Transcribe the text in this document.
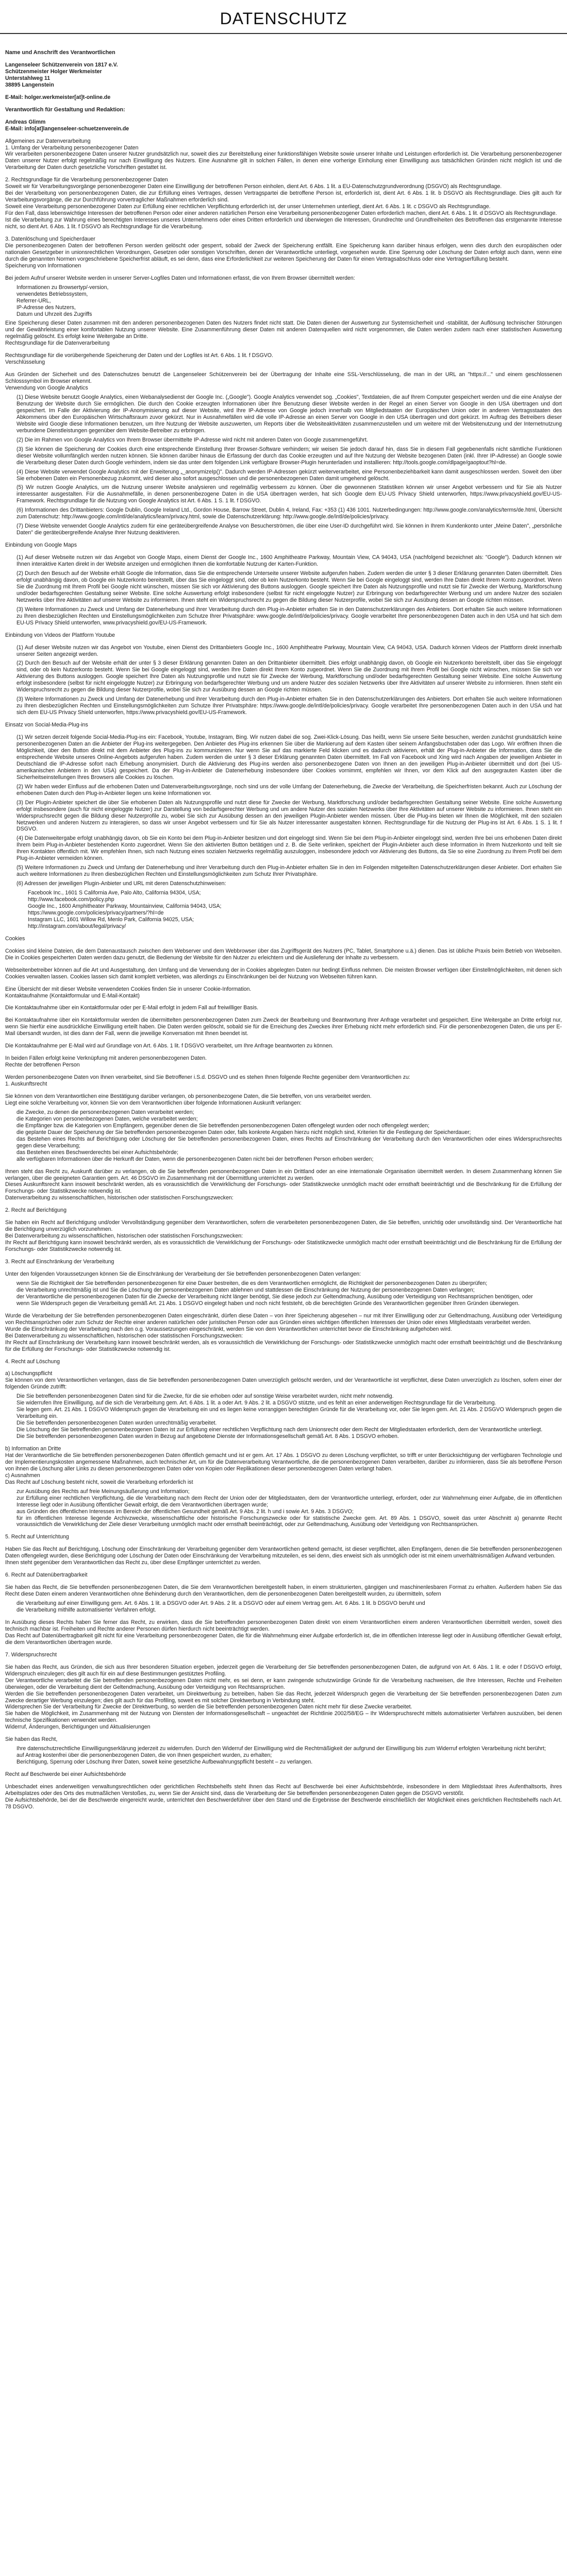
DATENSCHUTZ

Name und Anschrift des Verantwortlichen

Langenseleer Schützenverein von 1817 e.V.

Schützenmeister Holger Werkmeister

Unterstahlweg 11

38895 Langenstein

E-Mail: holger.werkmeister[at]t-online.de

Verantwortlich für Gestaltung und Redaktion:

Andreas Glimm

E-Mail: info[at]langenseleer-schuetzenverein.de

Allgemeines zur Datenverarbeitung

1. Umfang der Verarbeitung personenbezogener Daten

Wir verarbeiten personenbezogene Daten unserer Nutzer grundsätzlich nur, soweit dies zur Bereitstellung einer funktionsfähigen Website sowie unserer Inhalte und Leistungen erforderlich ist. Die Verarbeitung personenbezogener Daten unserer Nutzer erfolgt regelmäßig nur nach Einwilligung des Nutzers. Eine Ausnahme gilt in solchen Fällen, in denen eine vorherige Einholung einer Einwilligung aus tatsächlichen Gründen nicht möglich ist und die Verarbeitung der Daten durch gesetzliche Vorschriften gestattet ist.

2. Rechtsgrundlage für die Verarbeitung personenbezogener Daten

Soweit wir für Verarbeitungsvorgänge personenbezogener Daten eine Einwilligung der betroffenen Person einholen, dient Art. 6 Abs. 1 lit. a EU-Datenschutzgrundverordnung (DSGVO) als Rechtsgrundlage.

Bei der Verarbeitung von personenbezogenen Daten, die zur Erfüllung eines Vertrages, dessen Vertragspartei die betroffene Person ist, erforderlich ist, dient Art. 6 Abs. 1 lit. b DSGVO als Rechtsgrundlage. Dies gilt auch für Verarbeitungsvorgänge, die zur Durchführung vorvertraglicher Maßnahmen erforderlich sind.

Soweit eine Verarbeitung personenbezogener Daten zur Erfüllung einer rechtlichen Verpflichtung erforderlich ist, der unser Unternehmen unterliegt, dient Art. 6 Abs. 1 lit. c DSGVO als Rechtsgrundlage.

Für den Fall, dass lebenswichtige Interessen der betroffenen Person oder einer anderen natürlichen Person eine Verarbeitung personenbezogener Daten erforderlich machen, dient Art. 6 Abs. 1 lit. d DSGVO als Rechtsgrundlage.

Ist die Verarbeitung zur Wahrung eines berechtigten Interesses unseres Unternehmens oder eines Dritten erforderlich und überwiegen die Interessen, Grundrechte und Grundfreiheiten des Betroffenen das erstgenannte Interesse nicht, so dient Art. 6 Abs. 1 lit. f DSGVO als Rechtsgrundlage für die Verarbeitung.

3. Datenlöschung und Speicherdauer

Die personenbezogenen Daten der betroffenen Person werden gelöscht oder gesperrt, sobald der Zweck der Speicherung entfällt. Eine Speicherung kann darüber hinaus erfolgen, wenn dies durch den europäischen oder nationalen Gesetzgeber in unionsrechtlichen Verordnungen, Gesetzen oder sonstigen Vorschriften, denen der Verantwortliche unterliegt, vorgesehen wurde. Eine Sperrung oder Löschung der Daten erfolgt auch dann, wenn eine durch die genannten Normen vorgeschriebene Speicherfrist abläuft, es sei denn, dass eine Erforderlichkeit zur weiteren Speicherung der Daten für einen Vertragsabschluss oder eine Vertragserfüllung besteht.

Speicherung von Informationen

Bei jedem Aufruf unserer Website werden in unserer Server-Logfiles Daten und Informationen erfasst, die von Ihrem Browser übermittelt werden:

Informationen zu Browsertyp/-version,

verwendetes Betriebssystem,

Referrer-URL,

IP-Adresse des Nutzers,

Datum und Uhrzeit des Zugriffs

Eine Speicherung dieser Daten zusammen mit den anderen personenbezogenen Daten des Nutzers findet nicht statt. Die Daten dienen der Auswertung zur Systemsicherheit und -stabilität, der Auflösung technischer Störungen und der Gewährleistung einer komfortablen Nutzung unserer Website. Eine Zusammenführung dieser Daten mit anderen Datenquellen wird nicht vorgenommen, die Daten werden zudem nach einer statistischen Auswertung regelmäßig gelöscht. Es erfolgt keine Weitergabe an Dritte.

Rechtsgrundlage für die Datenverarbeitung

Rechtsgrundlage für die vorübergehende Speicherung der Daten und der Logfiles ist Art. 6 Abs. 1 lit. f DSGVO.

Verschlüsselung

Aus Gründen der Sicherheit und des Datenschutzes benutzt die Langenseleer Schützenverein bei der Übertragung der Inhalte eine SSL-Verschlüsselung, die man in der URL an "https://..." und einem geschlossenen Schlosssymbol im Browser erkennt.

Verwendung von Google Analytics

(1) Diese Website benutzt Google Analytics, einen Webanalysedienst der Google Inc. („Google"). Google Analytics verwendet sog. „Cookies", Textdateien, die auf Ihrem Computer gespeichert werden und die eine Analyse der Benutzung der Website durch Sie ermöglichen. Die durch den Cookie erzeugten Informationen über Ihre Benutzung dieser Website werden in der Regel an einen Server von Google in den USA übertragen und dort gespeichert. Im Falle der Aktivierung der IP-Anonymisierung auf dieser Website, wird Ihre IP-Adresse von Google jedoch innerhalb von Mitgliedstaaten der Europäischen Union oder in anderen Vertragsstaaten des Abkommens über den Europäischen Wirtschaftsraum zuvor gekürzt. Nur in Ausnahmefällen wird die volle IP-Adresse an einen Server von Google in den USA übertragen und dort gekürzt. Im Auftrag des Betreibers dieser Website wird Google diese Informationen benutzen, um Ihre Nutzung der Website auszuwerten, um Reports über die Websiteaktivitäten zusammenzustellen und um weitere mit der Websitenutzung und der Internetnutzung verbundene Dienstleistungen gegenüber dem Website-Betreiber zu erbringen.

(2) Die im Rahmen von Google Analytics von Ihrem Browser übermittelte IP-Adresse wird nicht mit anderen Daten von Google zusammengeführt.

(3) Sie können die Speicherung der Cookies durch eine entsprechende Einstellung Ihrer Browser-Software verhindern; wir weisen Sie jedoch darauf hin, dass Sie in diesem Fall gegebenenfalls nicht sämtliche Funktionen dieser Website vollumfänglich werden nutzen können. Sie können darüber hinaus die Erfassung der durch das Cookie erzeugten und auf Ihre Nutzung der Website bezogenen Daten (inkl. Ihrer IP-Adresse) an Google sowie die Verarbeitung dieser Daten durch Google verhindern, indem sie das unter dem folgenden Link verfügbare Browser-Plugin herunterladen und installieren: http://tools.google.com/dlpage/gaoptout?hl=de.

(4) Diese Website verwendet Google Analytics mit der Erweiterung „_anonymizeIp()". Dadurch werden IP-Adressen gekürzt weiterverarbeitet, eine Personenbeziehbarkeit kann damit ausgeschlossen werden. Soweit den über Sie erhobenen Daten ein Personenbezug zukommt, wird dieser also sofort ausgeschlossen und die personenbezogenen Daten damit umgehend gelöscht.

(5) Wir nutzen Google Analytics, um die Nutzung unserer Website analysieren und regelmäßig verbessern zu können. Über die gewonnenen Statistiken können wir unser Angebot verbessern und für Sie als Nutzer interessanter ausgestalten. Für die Ausnahmefälle, in denen personenbezogene Daten in die USA übertragen werden, hat sich Google dem EU-US Privacy Shield unterworfen, https://www.privacyshield.gov/EU-US-Framework. Rechtsgrundlage für die Nutzung von Google Analytics ist Art. 6 Abs. 1 S. 1 lit. f DSGVO.

(6) Informationen des Drittanbieters: Google Dublin, Google Ireland Ltd., Gordon House, Barrow Street, Dublin 4, Ireland, Fax: +353 (1) 436 1001. Nutzerbedingungen: http://www.google.com/analytics/terms/de.html, Übersicht zum Datenschutz: http://www.google.com/intl/de/analytics/learn/privacy.html, sowie die Datenschutzerklärung: http://www.google.de/intl/de/policies/privacy.

(7) Diese Website verwendet Google Analytics zudem für eine geräteübergreifende Analyse von Besucherströmen, die über eine User-ID durchgeführt wird. Sie können in Ihrem Kundenkonto unter „Meine Daten", „persönliche Daten" die geräteübergreifende Analyse Ihrer Nutzung deaktivieren.

Einbindung von Google Maps

(1) Auf dieser Webseite nutzen wir das Angebot von Google Maps, einem Dienst der Google Inc., 1600 Amphitheatre Parkway, Mountain View, CA 94043, USA (nachfolgend bezeichnet als: "Google"). Dadurch können wir Ihnen interaktive Karten direkt in der Website anzeigen und ermöglichen Ihnen die komfortable Nutzung der Karten-Funktion.

(2) Durch den Besuch auf der Website erhält Google die Information, dass Sie die entsprechende Unterseite unserer Website aufgerufen haben. Zudem werden die unter § 3 dieser Erklärung genannten Daten übermittelt. Dies erfolgt unabhängig davon, ob Google ein Nutzerkonto bereitstellt, über das Sie eingeloggt sind, oder ob kein Nutzerkonto besteht. Wenn Sie bei Google eingeloggt sind, werden Ihre Daten direkt Ihrem Konto zugeordnet. Wenn Sie die Zuordnung mit Ihrem Profil bei Google nicht wünschen, müssen Sie sich vor Aktivierung des Buttons ausloggen. Google speichert Ihre Daten als Nutzungsprofile und nutzt sie für Zwecke der Werbung, Marktforschung und/oder bedarfsgerechten Gestaltung seiner Website. Eine solche Auswertung erfolgt insbesondere (selbst für nicht eingeloggte Nutzer) zur Erbringung von bedarfsgerechter Werbung und um andere Nutzer des sozialen Netzwerks über Ihre Aktivitäten auf unserer Website zu informieren. Ihnen steht ein Widerspruchsrecht zu gegen die Bildung dieser Nutzerprofile, wobei Sie sich zur Ausübung dessen an Google richten müssen.

(3) Weitere Informationen zu Zweck und Umfang der Datenerhebung und ihrer Verarbeitung durch den Plug-in-Anbieter erhalten Sie in den Datenschutzerklärungen des Anbieters. Dort erhalten Sie auch weitere Informationen zu Ihren diesbezüglichen Rechten und Einstellungsmöglichkeiten zum Schutze Ihrer Privatsphäre: www.google.de/intl/de/policies/privacy. Google verarbeitet Ihre personenbezogenen Daten auch in den USA und hat sich dem EU-US Privacy Shield unterworfen, www.privacyshield.gov/EU-US-Framework.

Einbindung von Videos der Plattform Youtube

(1) Auf dieser Website nutzen wir das Angebot von Youtube, einen Dienst des Drittanbieters Google Inc., 1600 Amphitheatre Parkway, Mountain View, CA 94043, USA. Dadurch können Videos der Plattform direkt innerhalb unserer Seiten angezeigt werden.

(2) Durch den Besuch auf der Website erhält der unter § 3 dieser Erklärung genannten Daten an den Drittanbieter übermittelt. Dies erfolgt unabhängig davon, ob Google ein Nutzerkonto bereitstellt, über das Sie eingeloggt sind, oder ob kein Nutzerkonto besteht. Wenn Sie bei Google eingeloggt sind, werden Ihre Daten direkt Ihrem Konto zugeordnet. Wenn Sie die Zuordnung mit Ihrem Profil bei Google nicht wünschen, müssen Sie sich vor Aktivierung des Buttons ausloggen. Google speichert Ihre Daten als Nutzungsprofile und nutzt sie für Zwecke der Werbung, Marktforschung und/oder bedarfsgerechten Gestaltung seiner Website. Eine solche Auswertung erfolgt insbesondere (selbst für nicht eingeloggte Nutzer) zur Erbringung von bedarfsgerechter Werbung und um andere Nutzer des sozialen Netzwerks über Ihre Aktivitäten auf unserer Website zu informieren. Ihnen steht ein Widerspruchsrecht zu gegen die Bildung dieser Nutzerprofile, wobei Sie sich zur Ausübung dessen an Google richten müssen.

(3) Weitere Informationen zu Zweck und Umfang der Datenerhebung und ihrer Verarbeitung durch den Plug-in-Anbieter erhalten Sie in den Datenschutzerklärungen des Anbieters. Dort erhalten Sie auch weitere Informationen zu Ihren diesbezüglichen Rechten und Einstellungsmöglichkeiten zum Schutze Ihrer Privatsphäre: https://www.google.de/intl/de/policies/privacy. Google verarbeitet Ihre personenbezogenen Daten auch in den USA und hat sich dem EU-US Privacy Shield unterworfen, https://www.privacyshield.gov/EU-US-Framework.

Einsatz von Social-Media-Plug-ins

(1) Wir setzen derzeit folgende Social-Media-Plug-ins ein: Facebook, Youtube, Instagram, Bing. Wir nutzen dabei die sog. Zwei-Klick-Lösung. Das heißt, wenn Sie unsere Seite besuchen, werden zunächst grundsätzlich keine personenbezogenen Daten an die Anbieter der Plug-ins weitergegeben. Den Anbieter des Plug-ins erkennen Sie über die Markierung auf dem Kasten über seinem Anfangsbuchstaben oder das Logo. Wir eröffnen Ihnen die Möglichkeit, über den Button direkt mit dem Anbieter des Plug-ins zu kommunizieren. Nur wenn Sie auf das markierte Feld klicken und es dadurch aktivieren, erhält der Plug-in-Anbieter die Information, dass Sie die entsprechende Website unseres Online-Angebots aufgerufen haben. Zudem werden die unter § 3 dieser Erklärung genannten Daten übermittelt. Im Fall von Facebook und Xing wird nach Angaben der jeweiligen Anbieter in Deutschland die IP-Adresse sofort nach Erhebung anonymisiert. Durch die Aktivierung des Plug-ins werden also personenbezogene Daten von Ihnen an den jeweiligen Plug-in-Anbieter übermittelt und dort (bei US-amerikanischen Anbietern in den USA) gespeichert. Da der Plug-in-Anbieter die Datenerhebung insbesondere über Cookies vornimmt, empfehlen wir Ihnen, vor dem Klick auf den ausgegrauten Kasten über die Sicherheitseinstellungen Ihres Browsers alle Cookies zu löschen.

(2) Wir haben weder Einfluss auf die erhobenen Daten und Datenverarbeitungsvorgänge, noch sind uns der volle Umfang der Datenerhebung, die Zwecke der Verarbeitung, die Speicherfristen bekannt. Auch zur Löschung der erhobenen Daten durch den Plug-in-Anbieter liegen uns keine Informationen vor.

(3) Der Plugin-Anbieter speichert die über Sie erhobenen Daten als Nutzungsprofile und nutzt diese für Zwecke der Werbung, Marktforschung und/oder bedarfsgerechten Gestaltung seiner Website. Eine solche Auswertung erfolgt insbesondere (auch für nicht eingeloggte Nutzer) zur Darstellung von bedarfsgerechter Werbung und um andere Nutzer des sozialen Netzwerks über Ihre Aktivitäten auf unserer Website zu informieren. Ihnen steht ein Widerspruchsrecht gegen die Bildung dieser Nutzerprofile zu, wobei Sie sich zur Ausübung dessen an den jeweiligen Plugin-Anbieter wenden müssen. Über die Plug-ins bieten wir Ihnen die Möglichkeit, mit den sozialen Netzwerken und anderen Nutzern zu interagieren, so dass wir unser Angebot verbessern und für Sie als Nutzer interessanter ausgestalten können. Rechtsgrundlage für die Nutzung der Plug-ins ist Art. 6 Abs. 1 S. 1 lit. f DSGVO.

(4) Die Datenweitergabe erfolgt unabhängig davon, ob Sie ein Konto bei dem Plug-in-Anbieter besitzen und dort eingeloggt sind. Wenn Sie bei dem Plug-in-Anbieter eingeloggt sind, werden Ihre bei uns erhobenen Daten direkt Ihrem beim Plug-in-Anbieter bestehenden Konto zugeordnet. Wenn Sie den aktivierten Button betätigen und z. B. die Seite verlinken, speichert der Plugin-Anbieter auch diese Information in Ihrem Nutzerkonto und teilt sie Ihren Kontakten öffentlich mit. Wir empfehlen Ihnen, sich nach Nutzung eines sozialen Netzwerks regelmäßig auszuloggen, insbesondere jedoch vor Aktivierung des Buttons, da Sie so eine Zuordnung zu Ihrem Profil bei dem Plug-in-Anbieter vermeiden können.

(5) Weitere Informationen zu Zweck und Umfang der Datenerhebung und ihrer Verarbeitung durch den Plug-in-Anbieter erhalten Sie in den im Folgenden mitgeteilten Datenschutzerklärungen dieser Anbieter. Dort erhalten Sie auch weitere Informationen zu Ihren diesbezüglichen Rechten und Einstellungsmöglichkeiten zum Schutz Ihrer Privatsphäre.

(6) Adressen der jeweiligen Plugin-Anbieter und URL mit deren Datenschutzhinweisen:

Facebook Inc., 1601 S California Ave, Palo Alto, California 94304, USA;

http://www.facebook.com/policy.php

Google Inc., 1600 Amphitheater Parkway, Mountainview, California 94043, USA;

https://www.google.com/policies/privacy/partners/?hl=de

Instagram LLC, 1601 Willow Rd, Menlo Park, California 94025, USA;

http://instagram.com/about/legal/privacy/

Cookies

Cookies sind kleine Dateien, die dem Datenaustausch zwischen dem Webserver und dem Webbrowser über das Zugriffsgerät des Nutzers (PC, Tablet, Smartphone u.ä.) dienen. Das ist übliche Praxis beim Betrieb von Webseiten. Die in Cookies gespeicherten Daten werden dazu genutzt, die Bedienung der Website für den Nutzer zu erleichtern und die Auslieferung der Inhalte zu verbessern.

Webseitenbetreiber können auf die Art und Ausgestaltung, den Umfang und die Verwendung der in Cookies abgelegten Daten nur bedingt Einfluss nehmen. Die meisten Browser verfügen über Einstellmöglichkeiten, mit denen sich Cookies verwalten lassen. Cookies lassen sich damit komplett verbieten, was allerdings zu Einschränkungen bei der Nutzung von Webseiten führen kann.

Eine Übersicht der mit dieser Website verwendeten Cookies finden Sie in unserer Cookie-Information.

Kontaktaufnahme (Kontaktformular und E-Mail-Kontakt)

Die Kontaktaufnahme über ein Kontaktformular oder per E-Mail erfolgt in jedem Fall auf freiwilliger Basis.

Bei Kontaktaufnahme über ein Kontaktformular werden die übermittelten personenbezogenen Daten zum Zweck der Bearbeitung und Beantwortung Ihrer Anfrage verarbeitet und gespeichert. Eine Weitergabe an Dritte erfolgt nur, wenn Sie hierfür eine ausdrückliche Einwilligung erteilt haben. Die Daten werden gelöscht, sobald sie für die Erreichung des Zweckes ihrer Erhebung nicht mehr erforderlich sind. Für die personenbezogenen Daten, die uns per E-Mail übersandt wurden, ist dies dann der Fall, wenn die jeweilige Konversation mit Ihnen beendet ist.

Die Kontaktaufnahme per E-Mail wird auf Grundlage von Art. 6 Abs. 1 lit. f DSGVO verarbeitet, um Ihre Anfrage beantworten zu können.

In beiden Fällen erfolgt keine Verknüpfung mit anderen personenbezogenen Daten.

Rechte der betroffenen Person

Werden personenbezogene Daten von Ihnen verarbeitet, sind Sie Betroffener i.S.d. DSGVO und es stehen Ihnen folgende Rechte gegenüber dem Verantwortlichen zu:

1. Auskunftsrecht

Sie können von dem Verantwortlichen eine Bestätigung darüber verlangen, ob personenbezogene Daten, die Sie betreffen, von uns verarbeitet werden.

Liegt eine solche Verarbeitung vor, können Sie von dem Verantwortlichen über folgende Informationen Auskunft verlangen:

die Zwecke, zu denen die personenbezogenen Daten verarbeitet werden;

die Kategorien von personenbezogenen Daten, welche verarbeitet werden;

die Empfänger bzw. die Kategorien von Empfängern, gegenüber denen die Sie betreffenden personenbezogenen Daten offengelegt wurden oder noch offengelegt werden;

die geplante Dauer der Speicherung der Sie betreffenden personenbezogenen Daten oder, falls konkrete Angaben hierzu nicht möglich sind, Kriterien für die Festlegung der Speicherdauer;

das Bestehen eines Rechts auf Berichtigung oder Löschung der Sie betreffenden personenbezogenen Daten, eines Rechts auf Einschränkung der Verarbeitung durch den Verantwortlichen oder eines Widerspruchsrechts gegen diese Verarbeitung;

das Bestehen eines Beschwerderechts bei einer Aufsichtsbehörde;

alle verfügbaren Informationen über die Herkunft der Daten, wenn die personenbezogenen Daten nicht bei der betroffenen Person erhoben werden;

Ihnen steht das Recht zu, Auskunft darüber zu verlangen, ob die Sie betreffenden personenbezogenen Daten in ein Drittland oder an eine internationale Organisation übermittelt werden. In diesem Zusammenhang können Sie verlangen, über die geeigneten Garantien gem. Art. 46 DSGVO im Zusammenhang mit der Übermittlung unterrichtet zu werden.

Dieses Auskunftsrecht kann insoweit beschränkt werden, als es voraussichtlich die Verwirklichung der Forschungs- oder Statistikzwecke unmöglich macht oder ernsthaft beeinträchtigt und die Beschränkung für die Erfüllung der Forschungs- oder Statistikzwecke notwendig ist.

Datenverarbeitung zu wissenschaftlichen, historischen oder statistischen Forschungszwecken:

2. Recht auf Berichtigung

Sie haben ein Recht auf Berichtigung und/oder Vervollständigung gegenüber dem Verantwortlichen, sofern die verarbeiteten personenbezogenen Daten, die Sie betreffen, unrichtig oder unvollständig sind. Der Verantwortliche hat die Berichtigung unverzüglich vorzunehmen.

Bei Datenverarbeitung zu wissenschaftlichen, historischen oder statistischen Forschungszwecken:

Ihr Recht auf Berichtigung kann insoweit beschränkt werden, als es voraussichtlich die Verwirklichung der Forschungs- oder Statistikzwecke unmöglich macht oder ernsthaft beeinträchtigt und die Beschränkung für die Erfüllung der Forschungs- oder Statistikzwecke notwendig ist.

3. Recht auf Einschränkung der Verarbeitung

Unter den folgenden Voraussetzungen können Sie die Einschränkung der Verarbeitung der Sie betreffenden personenbezogenen Daten verlangen:

wenn Sie die Richtigkeit der Sie betreffenden personenbezogenen für eine Dauer bestreiten, die es dem Verantwortlichen ermöglicht, die Richtigkeit der personenbezogenen Daten zu überprüfen;

die Verarbeitung unrechtmäßig ist und Sie die Löschung der personenbezogenen Daten ablehnen und stattdessen die Einschränkung der Nutzung der personenbezogenen Daten verlangen;

der Verantwortliche die personenbezogenen Daten für die Zwecke der Verarbeitung nicht länger benötigt, Sie diese jedoch zur Geltendmachung, Ausübung oder Verteidigung von Rechtsansprüchen benötigen, oder

wenn Sie Widerspruch gegen die Verarbeitung gemäß Art. 21 Abs. 1 DSGVO eingelegt haben und noch nicht feststeht, ob die berechtigten Gründe des Verantwortlichen gegenüber Ihren Gründen überwiegen.

Wurde die Verarbeitung der Sie betreffenden personenbezogenen Daten eingeschränkt, dürfen diese Daten – von ihrer Speicherung abgesehen – nur mit Ihrer Einwilligung oder zur Geltendmachung, Ausübung oder Verteidigung von Rechtsansprüchen oder zum Schutz der Rechte einer anderen natürlichen oder juristischen Person oder aus Gründen eines wichtigen öffentlichen Interesses der Union oder eines Mitgliedstaats verarbeitet werden.

Wurde die Einschränkung der Verarbeitung nach den o.g. Voraussetzungen eingeschränkt, werden Sie von dem Verantwortlichen unterrichtet bevor die Einschränkung aufgehoben wird.

Bei Datenverarbeitung zu wissenschaftlichen, historischen oder statistischen Forschungszwecken:

Ihr Recht auf Einschränkung der Verarbeitung kann insoweit beschränkt werden, als es voraussichtlich die Verwirklichung der Forschungs- oder Statistikzwecke unmöglich macht oder ernsthaft beeinträchtigt und die Beschränkung für die Erfüllung der Forschungs- oder Statistikzwecke notwendig ist.

4. Recht auf Löschung

a) Löschungspflicht

Sie können von dem Verantwortlichen verlangen, dass die Sie betreffenden personenbezogenen Daten unverzüglich gelöscht werden, und der Verantwortliche ist verpflichtet, diese Daten unverzüglich zu löschen, sofern einer der folgenden Gründe zutrifft:

Die Sie betreffenden personenbezogenen Daten sind für die Zwecke, für die sie erhoben oder auf sonstige Weise verarbeitet wurden, nicht mehr notwendig.

Sie widerrufen Ihre Einwilligung, auf die sich die Verarbeitung gem. Art. 6 Abs. 1 lit. a oder Art. 9 Abs. 2 lit. a DSGVO stützte, und es fehlt an einer anderweitigen Rechtsgrundlage für die Verarbeitung.

Sie legen gem. Art. 21 Abs. 1 DSGVO Widerspruch gegen die Verarbeitung ein und es liegen keine vorrangigen berechtigten Gründe für die Verarbeitung vor, oder Sie legen gem. Art. 21 Abs. 2 DSGVO Widerspruch gegen die Verarbeitung ein.

Die Sie betreffenden personenbezogenen Daten wurden unrechtmäßig verarbeitet.

Die Löschung der Sie betreffenden personenbezogenen Daten ist zur Erfüllung einer rechtlichen Verpflichtung nach dem Unionsrecht oder dem Recht der Mitgliedstaaten erforderlich, dem der Verantwortliche unterliegt.

Die Sie betreffenden personenbezogenen Daten wurden in Bezug auf angebotene Dienste der Informationsgesellschaft gemäß Art. 8 Abs. 1 DSGVO erhoben.

b) Information an Dritte

Hat der Verantwortliche die Sie betreffenden personenbezogenen Daten öffentlich gemacht und ist er gem. Art. 17 Abs. 1 DSGVO zu deren Löschung verpflichtet, so trifft er unter Berücksichtigung der verfügbaren Technologie und der Implementierungskosten angemessene Maßnahmen, auch technischer Art, um für die Datenverarbeitung Verantwortliche, die die personenbezogenen Daten verarbeiten, darüber zu informieren, dass Sie als betroffene Person von ihnen die Löschung aller Links zu diesen personenbezogenen Daten oder von Kopien oder Replikationen dieser personenbezogenen Daten verlangt haben.

c) Ausnahmen

Das Recht auf Löschung besteht nicht, soweit die Verarbeitung erforderlich ist

zur Ausübung des Rechts auf freie Meinungsäußerung und Information;

zur Erfüllung einer rechtlichen Verpflichtung, die die Verarbeitung nach dem Recht der Union oder der Mitgliedstaaten, dem der Verantwortliche unterliegt, erfordert, oder zur Wahrnehmung einer Aufgabe, die im öffentlichen Interesse liegt oder in Ausübung öffentlicher Gewalt erfolgt, die dem Verantwortlichen übertragen wurde;

aus Gründen des öffentlichen Interesses im Bereich der öffentlichen Gesundheit gemäß Art. 9 Abs. 2 lit. h und i sowie Art. 9 Abs. 3 DSGVO;

für im öffentlichen Interesse liegende Archivzwecke, wissenschaftliche oder historische Forschungszwecke oder für statistische Zwecke gem. Art. 89 Abs. 1 DSGVO, soweit das unter Abschnitt a) genannte Recht voraussichtlich die Verwirklichung der Ziele dieser Verarbeitung unmöglich macht oder ernsthaft beeinträchtigt, oder zur Geltendmachung, Ausübung oder Verteidigung von Rechtsansprüchen.

5. Recht auf Unterrichtung

Haben Sie das Recht auf Berichtigung, Löschung oder Einschränkung der Verarbeitung gegenüber dem Verantwortlichen geltend gemacht, ist dieser verpflichtet, allen Empfängern, denen die Sie betreffenden personenbezogenen Daten offengelegt wurden, diese Berichtigung oder Löschung der Daten oder Einschränkung der Verarbeitung mitzuteilen, es sei denn, dies erweist sich als unmöglich oder ist mit einem unverhältnismäßigen Aufwand verbunden.

Ihnen steht gegenüber dem Verantwortlichen das Recht zu, über diese Empfänger unterrichtet zu werden.

6. Recht auf Datenübertragbarkeit

Sie haben das Recht, die Sie betreffenden personenbezogenen Daten, die Sie dem Verantwortlichen bereitgestellt haben, in einem strukturierten, gängigen und maschinenlesbaren Format zu erhalten. Außerdem haben Sie das Recht diese Daten einem anderen Verantwortlichen ohne Behinderung durch den Verantwortlichen, dem die personenbezogenen Daten bereitgestellt wurden, zu übermitteln, sofern

die Verarbeitung auf einer Einwilligung gem. Art. 6 Abs. 1 lit. a DSGVO oder Art. 9 Abs. 2 lit. a DSGVO oder auf einem Vertrag gem. Art. 6 Abs. 1 lit. b DSGVO beruht und

die Verarbeitung mithilfe automatisierter Verfahren erfolgt.

In Ausübung dieses Rechts haben Sie ferner das Recht, zu erwirken, dass die Sie betreffenden personenbezogenen Daten direkt von einem Verantwortlichen einem anderen Verantwortlichen übermittelt werden, soweit dies technisch machbar ist. Freiheiten und Rechte anderer Personen dürfen hierdurch nicht beeinträchtigt werden.

Das Recht auf Datenübertragbarkeit gilt nicht für eine Verarbeitung personenbezogener Daten, die für die Wahrnehmung einer Aufgabe erforderlich ist, die im öffentlichen Interesse liegt oder in Ausübung öffentlicher Gewalt erfolgt, die dem Verantwortlichen übertragen wurde.

7. Widerspruchsrecht

Sie haben das Recht, aus Gründen, die sich aus Ihrer besonderen Situation ergeben, jederzeit gegen die Verarbeitung der Sie betreffenden personenbezogenen Daten, die aufgrund von Art. 6 Abs. 1 lit. e oder f DSGVO erfolgt, Widerspruch einzulegen; dies gilt auch für ein auf diese Bestimmungen gestütztes Profiling.

Der Verantwortliche verarbeitet die Sie betreffenden personenbezogenen Daten nicht mehr, es sei denn, er kann zwingende schutzwürdige Gründe für die Verarbeitung nachweisen, die Ihre Interessen, Rechte und Freiheiten überwiegen, oder die Verarbeitung dient der Geltendmachung, Ausübung oder Verteidigung von Rechtsansprüchen.

Werden die Sie betreffenden personenbezogenen Daten verarbeitet, um Direktwerbung zu betreiben, haben Sie das Recht, jederzeit Widerspruch gegen die Verarbeitung der Sie betreffenden personenbezogenen Daten zum Zwecke derartiger Werbung einzulegen; dies gilt auch für das Profiling, soweit es mit solcher Direktwerbung in Verbindung steht.

Widersprechen Sie der Verarbeitung für Zwecke der Direktwerbung, so werden die Sie betreffenden personenbezogenen Daten nicht mehr für diese Zwecke verarbeitet.

Sie haben die Möglichkeit, im Zusammenhang mit der Nutzung von Diensten der Informationsgesellschaft – ungeachtet der Richtlinie 2002/58/EG – Ihr Widerspruchsrecht mittels automatisierter Verfahren auszuüben, bei denen technische Spezifikationen verwendet werden.

Widerruf, Änderungen, Berichtigungen und Aktualisierungen

Sie haben das Recht,

Ihre datenschutzrechtliche Einwilligungserklärung jederzeit zu widerrufen. Durch den Widerruf der Einwilligung wird die Rechtmäßigkeit der aufgrund der Einwilligung bis zum Widerruf erfolgten Verarbeitung nicht berührt;

auf Antrag kostenfrei über die personenbezogenen Daten, die von Ihnen gespeichert wurden, zu erhalten;

Berichtigung, Sperrung oder Löschung Ihrer Daten, soweit keine gesetzliche Aufbewahrungspflicht besteht – zu verlangen.

Recht auf Beschwerde bei einer Aufsichtsbehörde

Unbeschadet eines anderweitigen verwaltungsrechtlichen oder gerichtlichen Rechtsbehelfs steht Ihnen das Recht auf Beschwerde bei einer Aufsichtsbehörde, insbesondere in dem Mitgliedstaat ihres Aufenthaltsorts, ihres Arbeitsplatzes oder des Orts des mutmaßlichen Verstoßes, zu, wenn Sie der Ansicht sind, dass die Verarbeitung der Sie betreffenden personenbezogenen Daten gegen die DSGVO verstößt.

Die Aufsichtsbehörde, bei der die Beschwerde eingereicht wurde, unterrichtet den Beschwerdeführer über den Stand und die Ergebnisse der Beschwerde einschließlich der Möglichkeit eines gerichtlichen Rechtsbehelfs nach Art. 78 DSGVO.
